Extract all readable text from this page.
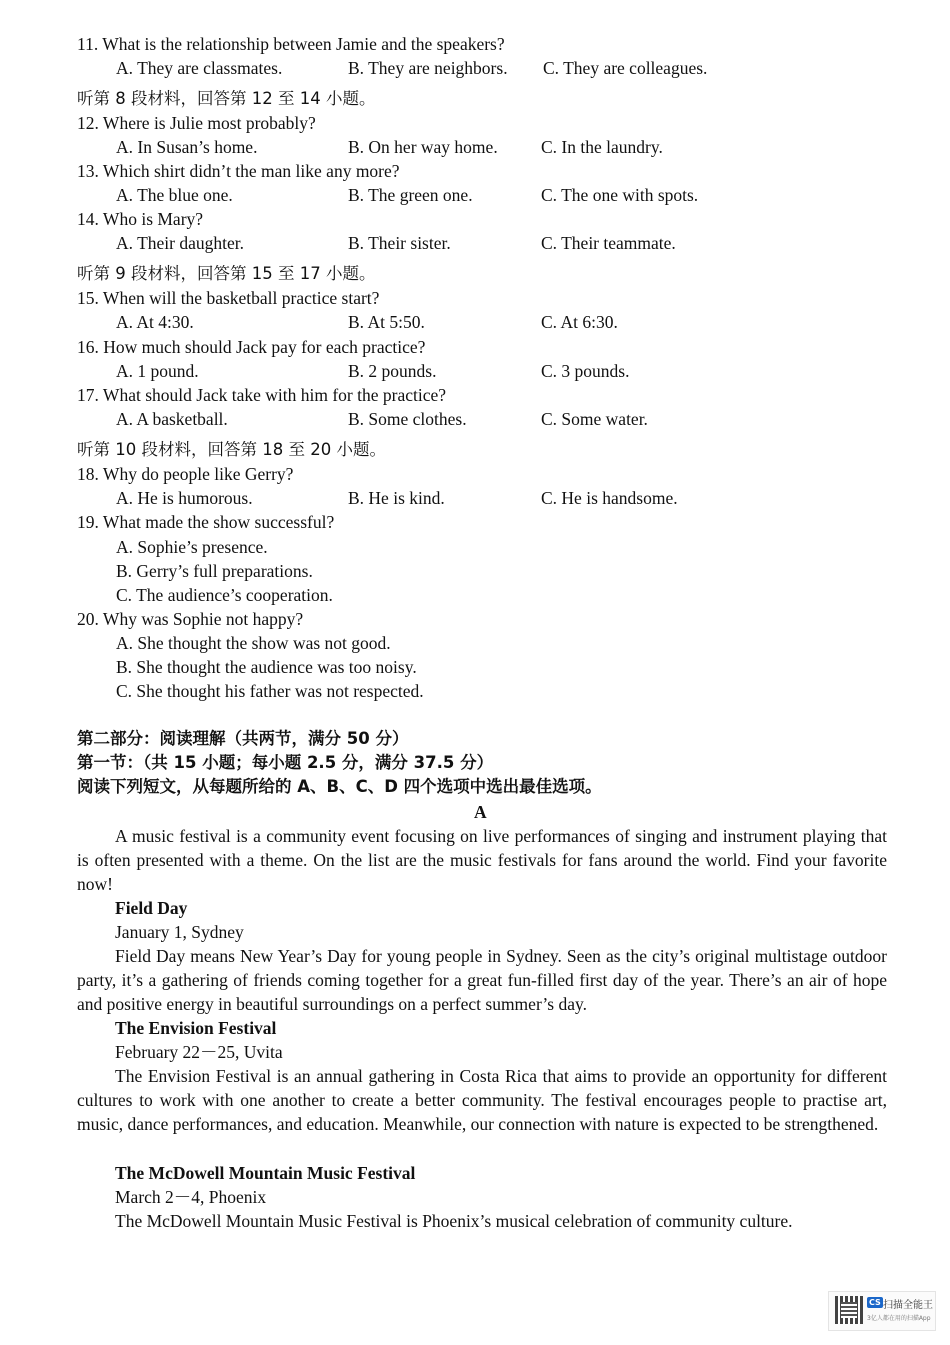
11. What is the relationship between Jamie and the speakers?
A. They are classmates.	B. They are neighbors. C. They are colleagues.
听第 8 段材料，回答第 12 至 14 小题。
12. Where is Julie most probably?
A. In Susan’s home.	B. On her way home. C. In the laundry.
13. Which shirt didn’t the man like any more?
A. The blue one.	B. The green one.	C. The one with spots.
14. Who is Mary?
A. Their daughter.	B. Their sister.	C. Their teammate.
听第 9 段材料，回答第 15 至 17 小题。
15. When will the basketball practice start?
A. At 4:30.	B. At 5:50.	C. At 6:30.
16. How much should Jack pay for each practice?
A. 1 pound.	B. 2 pounds.	C. 3 pounds.
17. What should Jack take with him for the practice?
A. A basketball.	B. Some clothes.	C. Some water.
听第 10 段材料，回答第 18 至 20 小题。
18. Why do people like Gerry?
A. He is humorous.	B. He is kind.	C. He is handsome.
19. What made the show successful?
A. Sophie’s presence.
B. Gerry’s full preparations.
C. The audience’s cooperation.
20. Why was Sophie not happy?
A. She thought the show was not good.
B. She thought the audience was too noisy.
C. She thought his father was not respected.
第二部分：阅读理解（共两节，满分 50 分）
第一节：（共 15 小题；每小题 2.5 分，满分 37.5 分）
阅读下列短文，从每题所给的 A、B、C、D 四个选项中选出最佳选项。
A
A music festival is a community event focusing on live performances of singing and instrument playing that is often presented with a theme. On the list are the music festivals for fans around the world. Find your favorite now!
Field Day
January 1, Sydney
Field Day means New Year’s Day for young people in Sydney. Seen as the city’s original multistage outdoor party, it’s a gathering of friends coming together for a great fun-filled first day of the year. There’s an air of hope and positive energy in beautiful surroundings on a perfect summer’s day.
The Envision Festival
February 22－25, Uvita
The Envision Festival is an annual gathering in Costa Rica that aims to provide an opportunity for different cultures to work with one another to create a better community. The festival encourages people to practise art, music, dance performances, and education. Meanwhile, our connection with nature is expected to be strengthened.
The McDowell Mountain Music Festival
March 2－4, Phoenix
The McDowell Mountain Music Festival is Phoenix’s musical celebration of community culture.
CS 扫描全能王
3亿人都在用的扫描App
